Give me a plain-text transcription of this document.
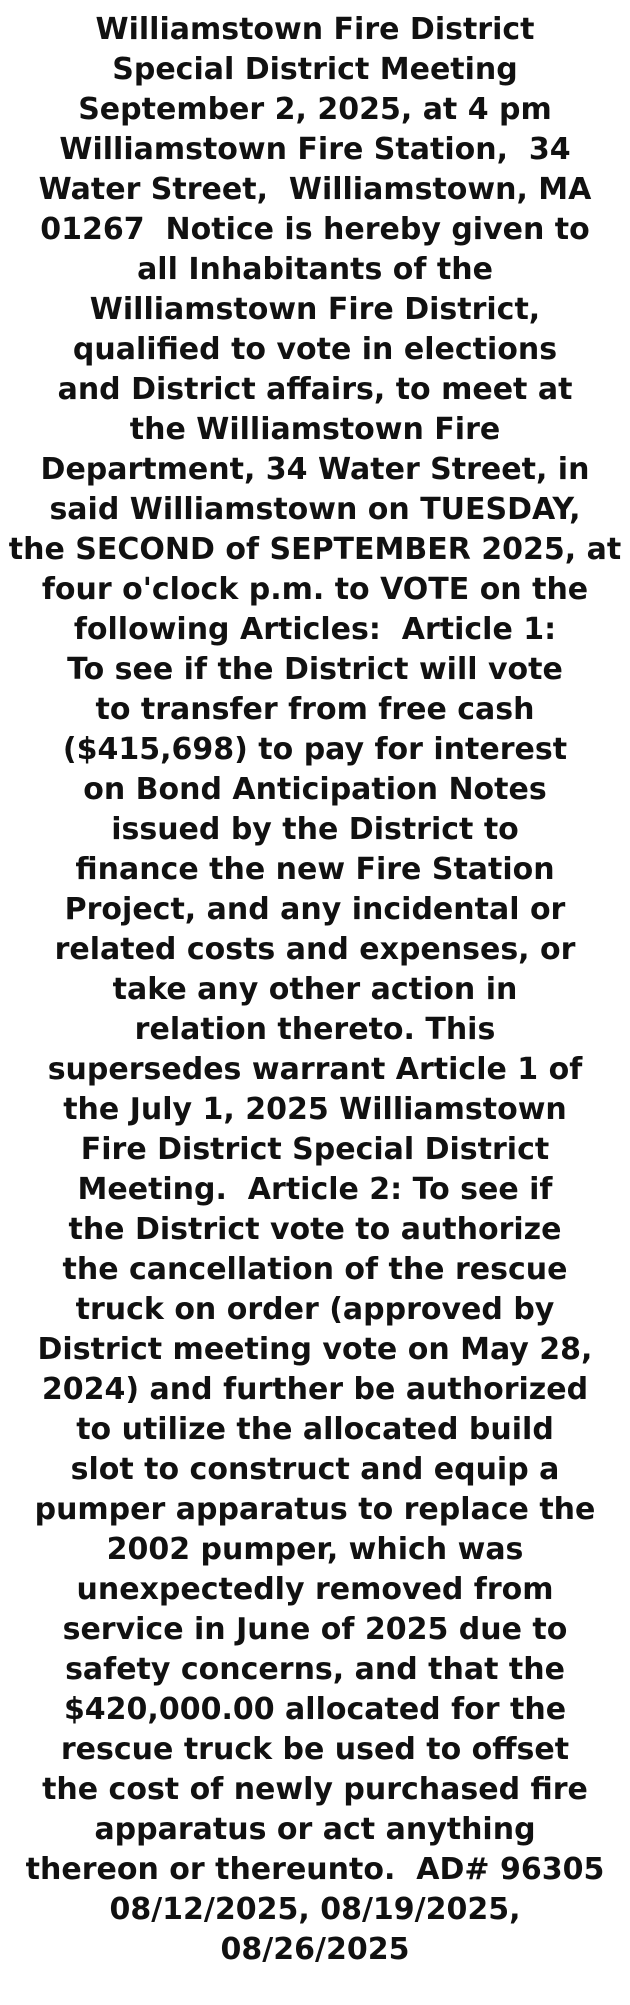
Williamstown Fire District
Special District Meeting
September 2, 2025, at 4 pm
Williamstown Fire Station,  34
Water Street,  Williamstown, MA
01267  Notice is hereby given to
all Inhabitants of the
Williamstown Fire District,
qualified to vote in elections
and District affairs, to meet at
the Williamstown Fire
Department, 34 Water Street, in
said Williamstown on TUESDAY,
the SECOND of SEPTEMBER 2025, at
four o'clock p.m. to VOTE on the
following Articles:  Article 1:
To see if the District will vote
to transfer from free cash
($415,698) to pay for interest
on Bond Anticipation Notes
issued by the District to
finance the new Fire Station
Project, and any incidental or
related costs and expenses, or
take any other action in
relation thereto. This
supersedes warrant Article 1 of
the July 1, 2025 Williamstown
Fire District Special District
Meeting.  Article 2: To see if
the District vote to authorize
the cancellation of the rescue
truck on order (approved by
District meeting vote on May 28,
2024) and further be authorized
to utilize the allocated build
slot to construct and equip a
pumper apparatus to replace the
2002 pumper, which was
unexpectedly removed from
service in June of 2025 due to
safety concerns, and that the
$420,000.00 allocated for the
rescue truck be used to offset
the cost of newly purchased fire
apparatus or act anything
thereon or thereunto.  AD# 96305
08/12/2025, 08/19/2025,
08/26/2025
